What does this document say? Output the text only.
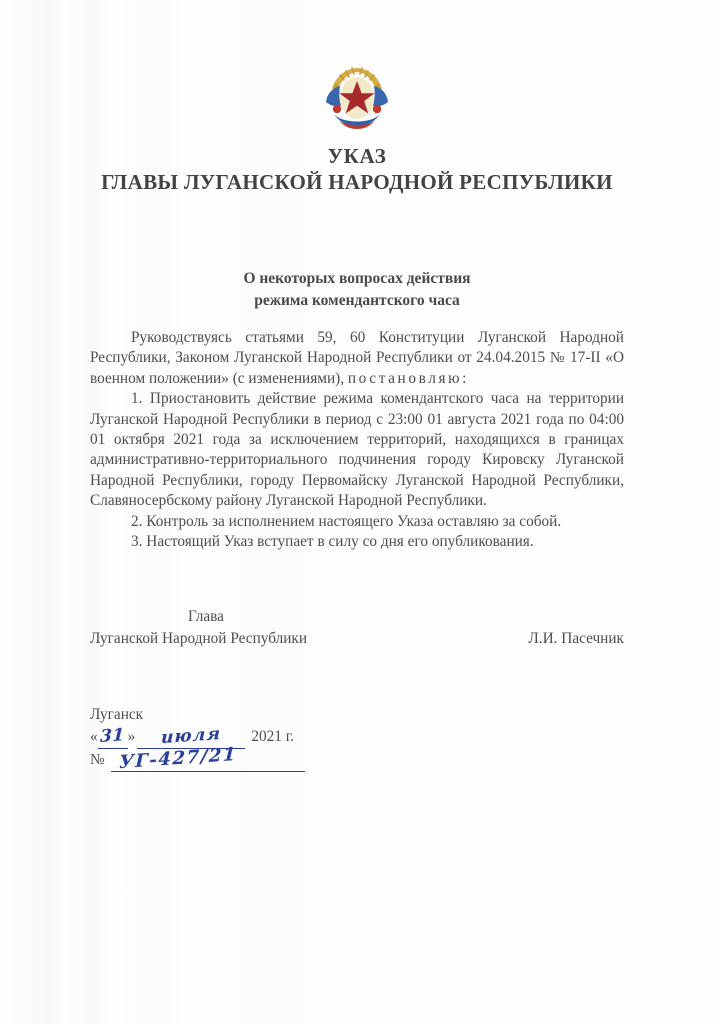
УКАЗ
ГЛАВЫ ЛУГАНСКОЙ НАРОДНОЙ РЕСПУБЛИКИ
О некоторых вопросах действия
режима комендантского часа

Руководствуясь статьями 59, 60 Конституции Луганской Народной Республики, Законом Луганской Народной Республики от 24.04.2015 № 17-II «О военном положении» (с изменениями), постановляю:

1. Приостановить действие режима комендантского часа на территории Луганской Народной Республики в период с 23:00 01 августа 2021 года по 04:00 01 октября 2021 года за исключением территорий, находящихся в границах административно-территориального подчинения городу Кировску Луганской Народной Республики, городу Первомайску Луганской Народной Республики, Славяносербскому району Луганской Народной Республики.

2. Контроль за исполнением настоящего Указа оставляю за собой.

3. Настоящий Указ вступает в силу со дня его опубликования.

Глава
Луганской Народной Республики	Л.И. Пасечник
Луганск
« 31 »	июля	2021 г.
№ УГ-427/21
